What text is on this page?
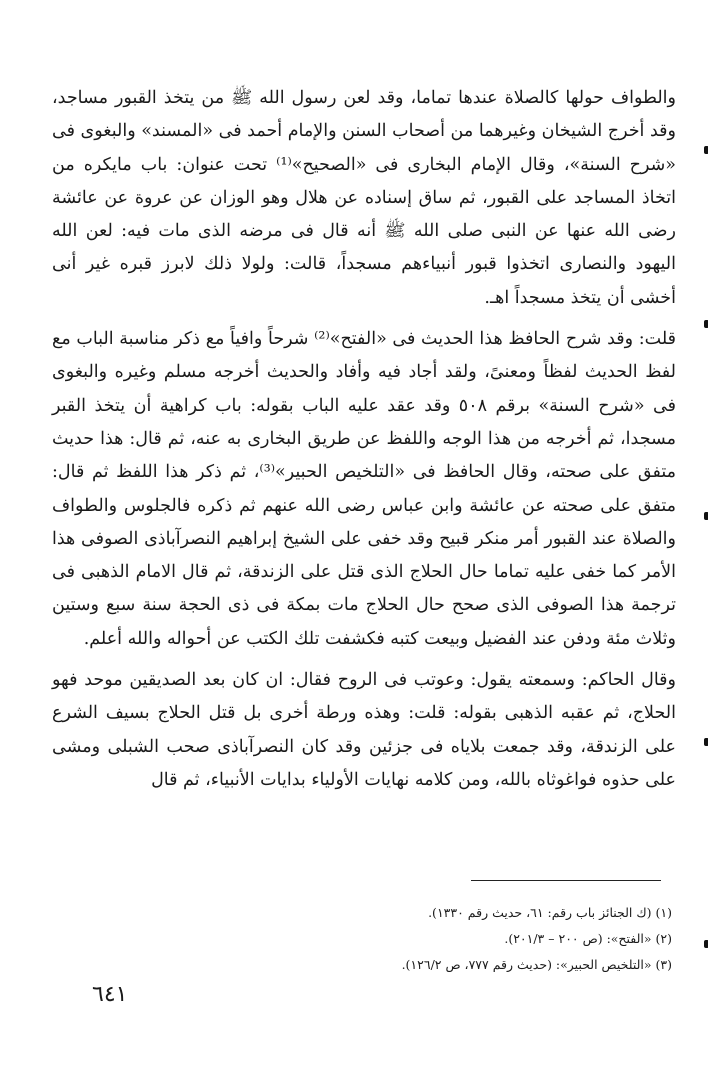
والطواف حولها كالصلاة عندها تماما، وقد لعن رسول الله ﷺ من يتخذ القبور مساجد، وقد أخرج الشيخان وغيرهما من أصحاب السنن والإمام أحمد فى «المسند» والبغوى فى «شرح السنة»، وقال الإمام البخارى فى «الصحيح»⁽¹⁾ تحت عنوان: باب مايكره من اتخاذ المساجد على القبور، ثم ساق إسناده عن هلال وهو الوزان عن عروة عن عائشة رضى الله عنها عن النبى صلى الله ﷺ أنه قال فى مرضه الذى مات فيه: لعن الله اليهود والنصارى اتخذوا قبور أنبياءهم مسجداً، قالت: ولولا ذلك لابرز قبره غير أنى أخشى أن يتخذ مسجداً اهـ.

قلت: وقد شرح الحافظ هذا الحديث فى «الفتح»⁽²⁾ شرحاً وافياً مع ذكر مناسبة الباب مع لفظ الحديث لفظاً ومعنىً، ولقد أجاد فيه وأفاد والحديث أخرجه مسلم وغيره والبغوى فى «شرح السنة» برقم ٥٠٨ وقد عقد عليه الباب بقوله: باب كراهية أن يتخذ القبر مسجدا، ثم أخرجه من هذا الوجه واللفظ عن طريق البخارى به عنه، ثم قال: هذا حديث متفق على صحته، وقال الحافظ فى «التلخيص الحبير»⁽³⁾، ثم ذكر هذا اللفظ ثم قال: متفق على صحته عن عائشة وابن عباس رضى الله عنهم ثم ذكره فالجلوس والطواف والصلاة عند القبور أمر منكر قبيح وقد خفى على الشيخ إبراهيم النصرآباذى الصوفى هذا الأمر كما خفى عليه تماما حال الحلاج الذى قتل على الزندقة، ثم قال الامام الذهبى فى ترجمة هذا الصوفى الذى صحح حال الحلاج مات بمكة فى ذى الحجة سنة سبع وستين وثلاث مئة ودفن عند الفضيل وبيعت كتبه فكشفت تلك الكتب عن أحواله والله أعلم.

وقال الحاكم: وسمعته يقول: وعوتب فى الروح فقال: ان كان بعد الصديقين موحد فهو الحلاج، ثم عقبه الذهبى بقوله: قلت: وهذه ورطة أخرى بل قتل الحلاج بسيف الشرع على الزندقة، وقد جمعت بلاياه فى جزئين وقد كان النصرآباذى صحب الشبلى ومشى على حذوه فواغوثاه بالله، ومن كلامه نهايات الأولياء بدايات الأنبياء، ثم قال

(١) (ك الجنائز باب رقم: ٦١، حديث رقم ١٣٣٠).

(٢) «الفتح»: (ص ٢٠٠ – ٢٠١/٣).

(٣) «التلخيص الحبير»: (حديث رقم ٧٧٧، ص ١٢٦/٢).

٦٤١
